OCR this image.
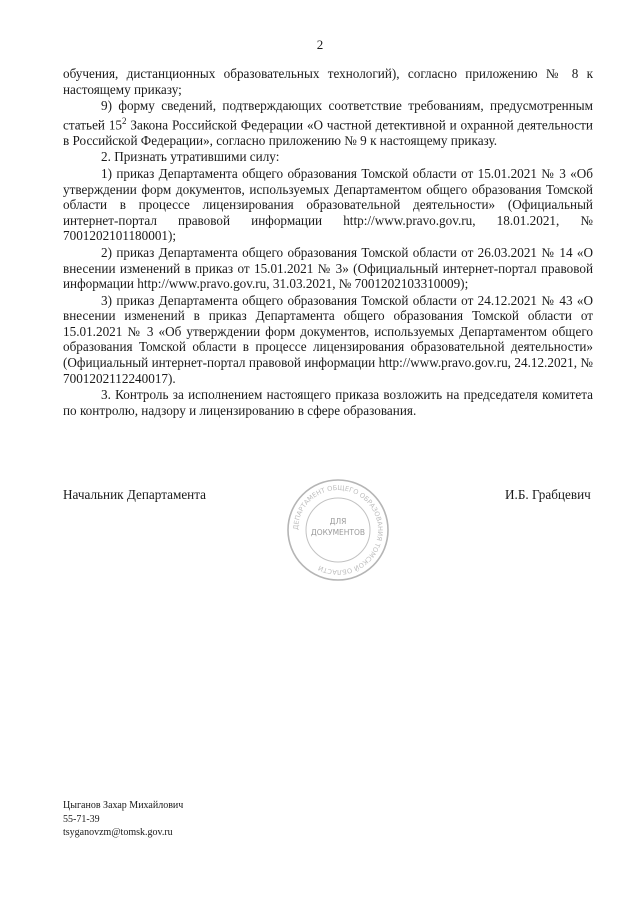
2

обучения, дистанционных образовательных технологий), согласно приложению № 8 к настоящему приказу;

9) форму сведений, подтверждающих соответствие требованиям, предусмотренным статьей $15^2$ Закона Российской Федерации «О частной детективной и охранной деятельности в Российской Федерации», согласно приложению № 9 к настоящему приказу.

2. Признать утратившими силу:

1) приказ Департамента общего образования Томской области от 15.01.2021 № 3 «Об утверждении форм документов, используемых Департаментом общего образования Томской области в процессе лицензирования образовательной деятельности» (Официальный интернет-портал правовой информации http://www.pravo.gov.ru, 18.01.2021, № 7001202101180001);

2) приказ Департамента общего образования Томской области от 26.03.2021 № 14 «О внесении изменений в приказ от 15.01.2021 № 3» (Официальный интернет-портал правовой информации http://www.pravo.gov.ru, 31.03.2021, № 7001202103310009);

3) приказ Департамента общего образования Томской области от 24.12.2021 № 43 «О внесении изменений в приказ Департамента общего образования Томской области от 15.01.2021 № 3 «Об утверждении форм документов, используемых Департаментом общего образования Томской области в процессе лицензирования образовательной деятельности» (Официальный интернет-портал правовой информации http://www.pravo.gov.ru, 24.12.2021, № 7001202112240017).

3. Контроль за исполнением настоящего приказа возложить на председателя комитета по контролю, надзору и лицензированию в сфере образования.

Начальник Департамента
ДЕПАРТАМЕНТ ОБЩЕГО ОБРАЗОВАНИЯ ТОМСКОЙ ОБЛАСТИ
ДЛЯ
ДОКУМЕНТОВ
И.Б. Грабцевич
Цыганов Захар Михайлович
55-71-39
tsyganovzm@tomsk.gov.ru
